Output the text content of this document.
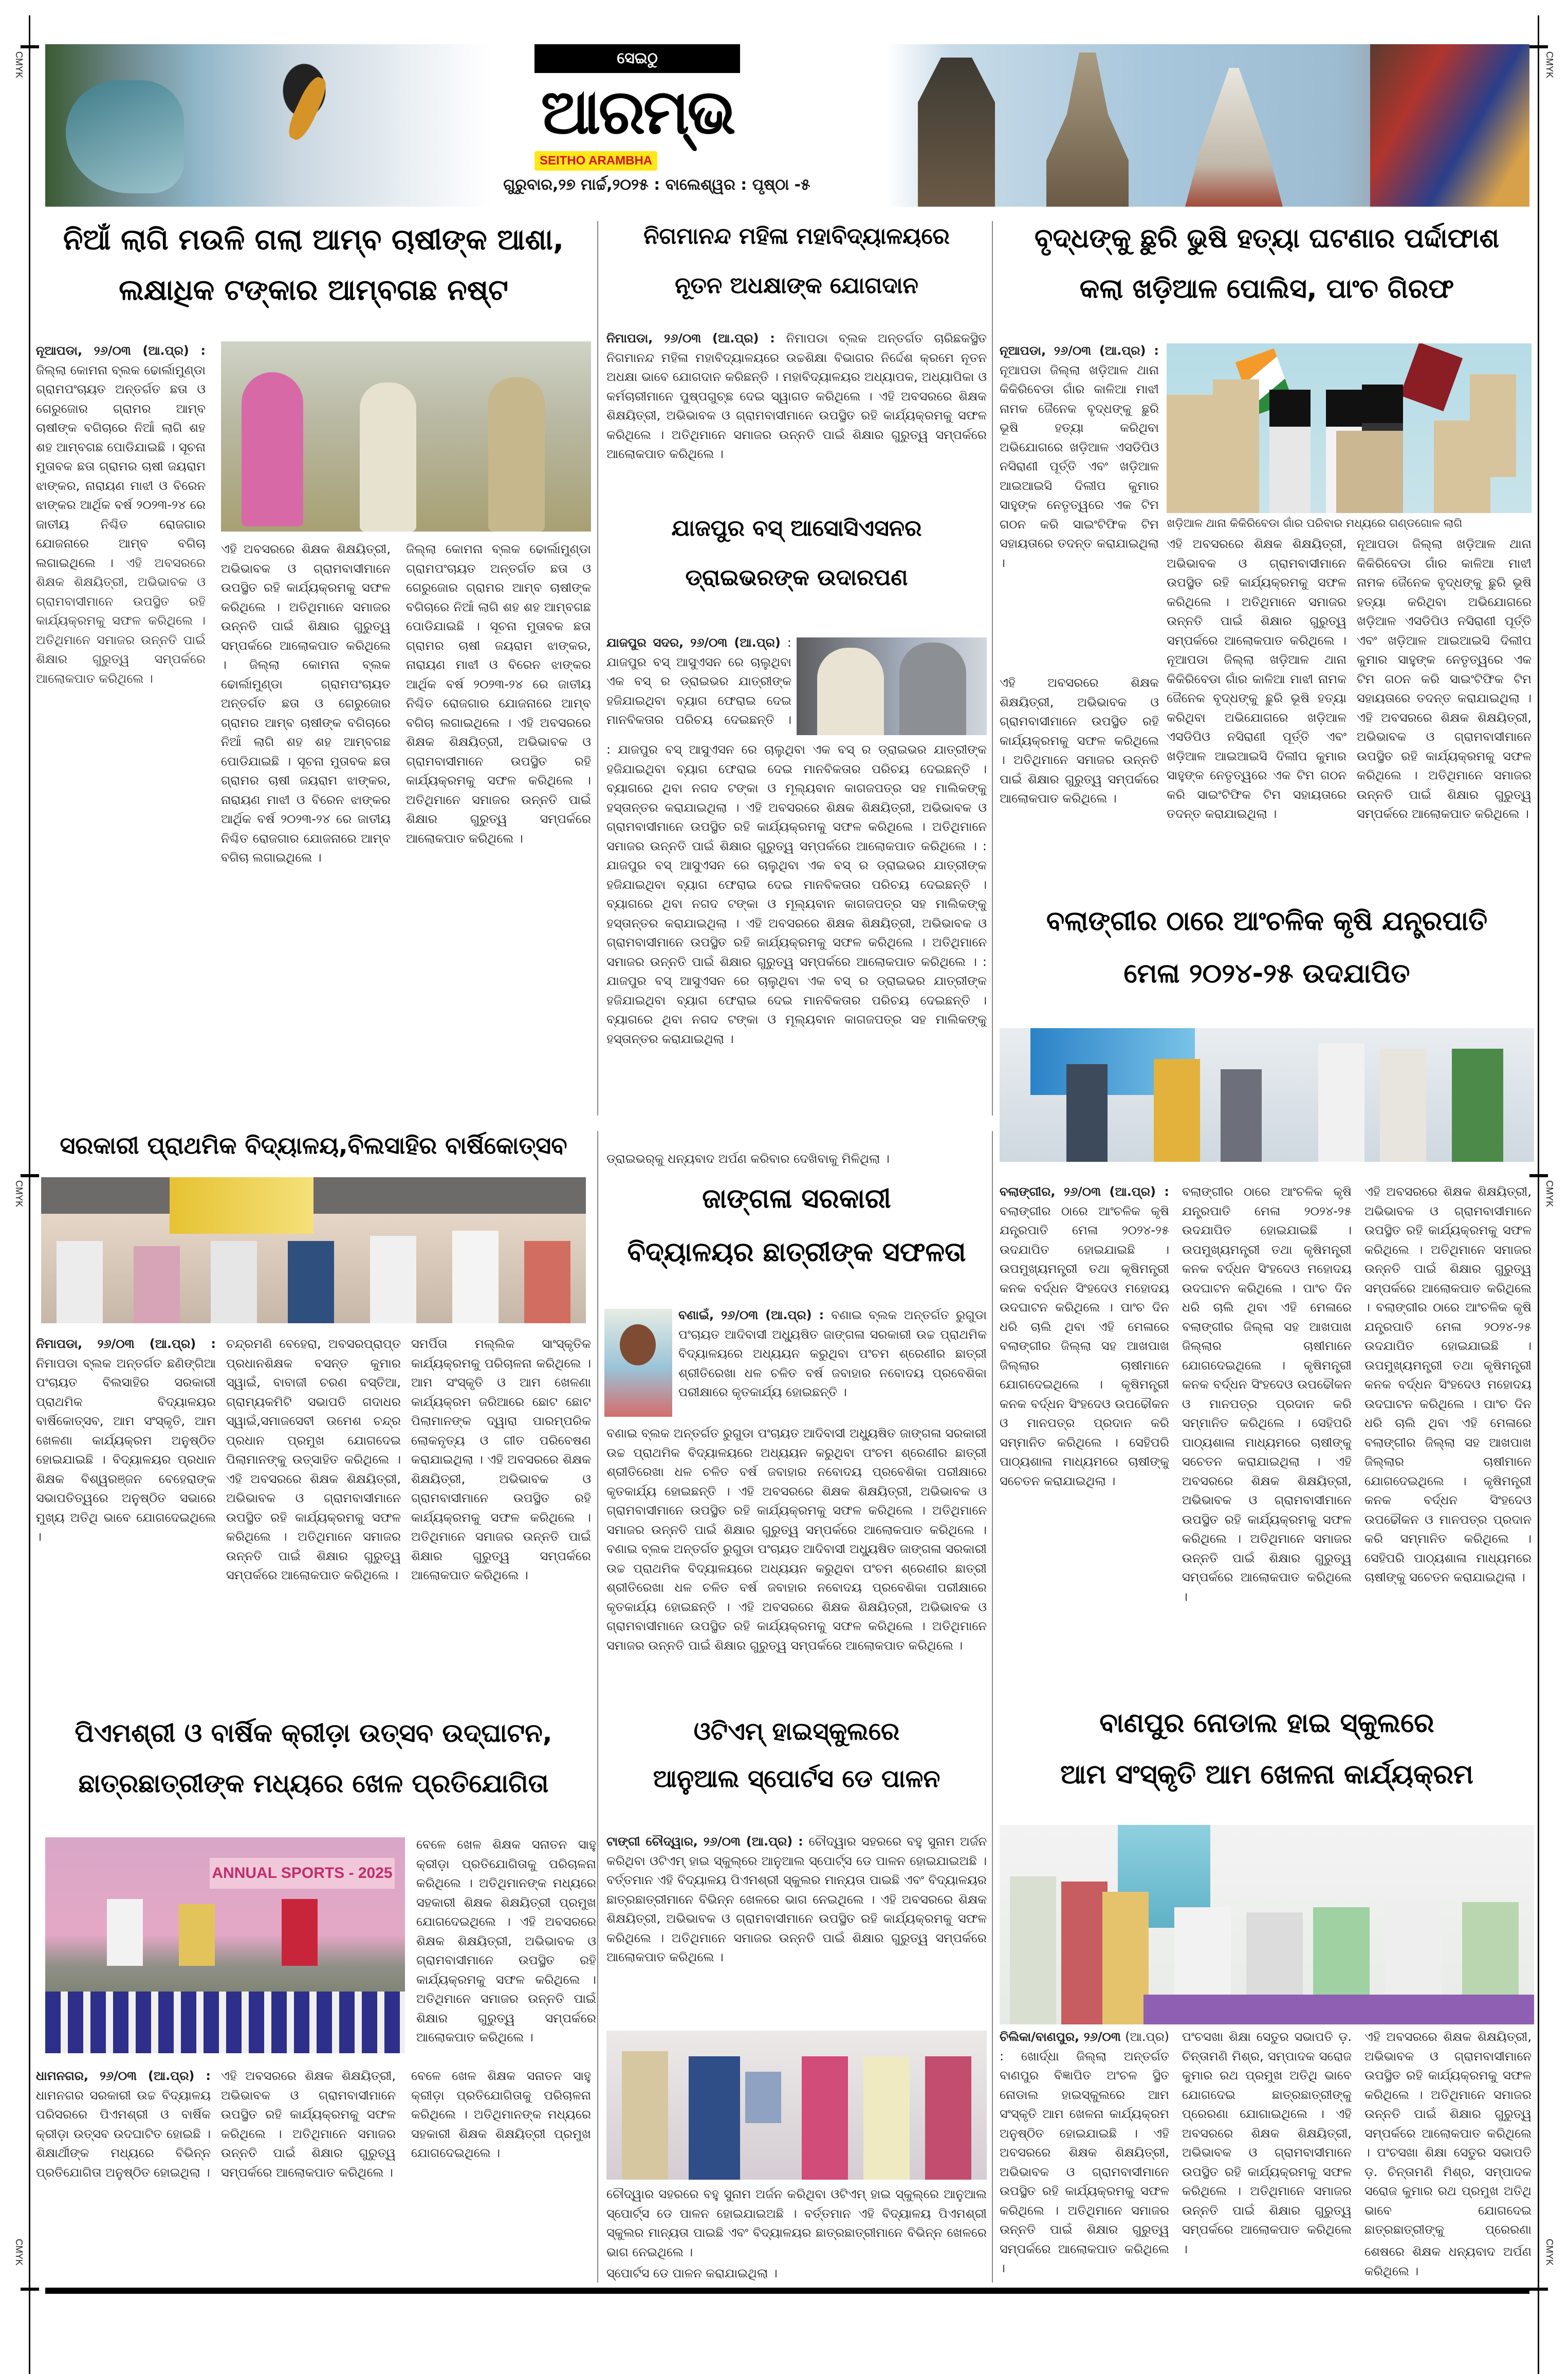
CMYK	CMYK
CMYK	CMYK
CMYK	CMYK
ସେଇଠୁ
ଆରମ୍ଭ
SEITHO ARAMBHA
ଗୁରୁବାର,୨୭ ମାର୍ଚ୍ଚ,୨୦୨୫ : ବାଲେଶ୍ୱର : ପୃଷ୍ଠା -୫
ନିଆଁ ଲାଗି ମଉଳି ଗଲା ଆମ୍ବ ଚାଷୀଙ୍କ ଆଶା,
ଲକ୍ଷାଧିକ ଟଙ୍କାର ଆମ୍ବଗଛ ନଷ୍ଟ
ନୂଆପଡା, ୨୬/୦୩ (ଆ.ପ୍ର) : ଜିଲ୍ଲା କୋମନା ବ୍ଲକ ଢୋର୍ଲାମୁଣ୍ଡା ଗ୍ରାମପଂଚାୟତ ଅନ୍ତର୍ଗତ ଛତା ଓ ଗେରୁଜୋର ଗ୍ରାମର ଆମ୍ବ ଚାଷୀଙ୍କ ବଗିଚାରେ ନିଆଁ ଲାଗି ଶହ ଶହ ଆମ୍ବଗଛ ପୋଡିଯାଇଛି । ସୂଚନା ମୁତାବକ ଛତା ଗ୍ରାମର ଚାଷୀ ଜୟରାମ ଝାଙ୍କର, ନାରାୟଣ ମାଝୀ ଓ ବିରେନ ଝାଙ୍କର ଆର୍ଥିକ ବର୍ଷ ୨୦୨୩-୨୪ ରେ ଜାତୀୟ ନିଶ୍ଚିତ ରୋଜଗାର ଯୋଜନାରେ ଆମ୍ବ ବଗିଚା ଲଗାଇଥିଲେ । ଏହି ଅବସରରେ ଶିକ୍ଷକ ଶିକ୍ଷୟିତ୍ରୀ, ଅଭିଭାବକ ଓ ଗ୍ରାମବାସୀମାନେ ଉପସ୍ଥିତ ରହି କାର୍ଯ୍ୟକ୍ରମକୁ ସଫଳ କରିଥିଲେ । ଅତିଥିମାନେ ସମାଜର ଉନ୍ନତି ପାଇଁ ଶିକ୍ଷାର ଗୁରୁତ୍ୱ ସମ୍ପର୍କରେ ଆଲୋକପାତ କରିଥିଲେ ।
ଏହି ଅବସରରେ ଶିକ୍ଷକ ଶିକ୍ଷୟିତ୍ରୀ, ଅଭିଭାବକ ଓ ଗ୍ରାମବାସୀମାନେ ଉପସ୍ଥିତ ରହି କାର୍ଯ୍ୟକ୍ରମକୁ ସଫଳ କରିଥିଲେ । ଅତିଥିମାନେ ସମାଜର ଉନ୍ନତି ପାଇଁ ଶିକ୍ଷାର ଗୁରୁତ୍ୱ ସମ୍ପର୍କରେ ଆଲୋକପାତ କରିଥିଲେ । ଜିଲ୍ଲା କୋମନା ବ୍ଲକ ଢୋର୍ଲାମୁଣ୍ଡା ଗ୍ରାମପଂଚାୟତ ଅନ୍ତର୍ଗତ ଛତା ଓ ଗେରୁଜୋର ଗ୍ରାମର ଆମ୍ବ ଚାଷୀଙ୍କ ବଗିଚାରେ ନିଆଁ ଲାଗି ଶହ ଶହ ଆମ୍ବଗଛ ପୋଡିଯାଇଛି । ସୂଚନା ମୁତାବକ ଛତା ଗ୍ରାମର ଚାଷୀ ଜୟରାମ ଝାଙ୍କର, ନାରାୟଣ ମାଝୀ ଓ ବିରେନ ଝାଙ୍କର ଆର୍ଥିକ ବର୍ଷ ୨୦୨୩-୨୪ ରେ ଜାତୀୟ ନିଶ୍ଚିତ ରୋଜଗାର ଯୋଜନାରେ ଆମ୍ବ ବଗିଚା ଲଗାଇଥିଲେ ।
ଜିଲ୍ଲା କୋମନା ବ୍ଲକ ଢୋର୍ଲାମୁଣ୍ଡା ଗ୍ରାମପଂଚାୟତ ଅନ୍ତର୍ଗତ ଛତା ଓ ଗେରୁଜୋର ଗ୍ରାମର ଆମ୍ବ ଚାଷୀଙ୍କ ବଗିଚାରେ ନିଆଁ ଲାଗି ଶହ ଶହ ଆମ୍ବଗଛ ପୋଡିଯାଇଛି । ସୂଚନା ମୁତାବକ ଛତା ଗ୍ରାମର ଚାଷୀ ଜୟରାମ ଝାଙ୍କର, ନାରାୟଣ ମାଝୀ ଓ ବିରେନ ଝାଙ୍କର ଆର୍ଥିକ ବର୍ଷ ୨୦୨୩-୨୪ ରେ ଜାତୀୟ ନିଶ୍ଚିତ ରୋଜଗାର ଯୋଜନାରେ ଆମ୍ବ ବଗିଚା ଲଗାଇଥିଲେ । ଏହି ଅବସରରେ ଶିକ୍ଷକ ଶିକ୍ଷୟିତ୍ରୀ, ଅଭିଭାବକ ଓ ଗ୍ରାମବାସୀମାନେ ଉପସ୍ଥିତ ରହି କାର୍ଯ୍ୟକ୍ରମକୁ ସଫଳ କରିଥିଲେ । ଅତିଥିମାନେ ସମାଜର ଉନ୍ନତି ପାଇଁ ଶିକ୍ଷାର ଗୁରୁତ୍ୱ ସମ୍ପର୍କରେ ଆଲୋକପାତ କରିଥିଲେ ।
ନିଗମାନନ୍ଦ ମହିଳା ମହାବିଦ୍ୟାଳୟରେ
ନୂତନ ଅଧକ୍ଷାଙ୍କ ଯୋଗଦାନ
ନିମାପଡା, ୨୬/୦୩ (ଆ.ପ୍ର) : ନିମାପଡା ବ୍ଲକ ଅନ୍ତର୍ଗତ ଚାରିଛକସ୍ଥିତ ନିଗମାନନ୍ଦ ମହିଳା ମହାବିଦ୍ୟାଳୟରେ ଉଚ୍ଚଶିକ୍ଷା ବିଭାଗର ନିର୍ଦ୍ଦେଶ କ୍ରମେ ନୂତନ ଅଧକ୍ଷା ଭାବେ ଯୋଗଦାନ କରିଛନ୍ତି । ମହାବିଦ୍ୟାଳୟର ଅଧ୍ୟାପକ, ଅଧ୍ୟାପିକା ଓ କର୍ମଚାରୀମାନେ ପୁଷ୍ପଗୁଚ୍ଛ ଦେଇ ସ୍ୱାଗତ କରିଥିଲେ । ଏହି ଅବସରରେ ଶିକ୍ଷକ ଶିକ୍ଷୟିତ୍ରୀ, ଅଭିଭାବକ ଓ ଗ୍ରାମବାସୀମାନେ ଉପସ୍ଥିତ ରହି କାର୍ଯ୍ୟକ୍ରମକୁ ସଫଳ କରିଥିଲେ । ଅତିଥିମାନେ ସମାଜର ଉନ୍ନତି ପାଇଁ ଶିକ୍ଷାର ଗୁରୁତ୍ୱ ସମ୍ପର୍କରେ ଆଲୋକପାତ କରିଥିଲେ ।
ଯାଜପୁର ବସ୍ ଆସୋସିଏସନର
ଡ୍ରାଇଭରଙ୍କ ଉଦାରପଣ
ଯାଜପୁର ସଦର, ୨୬/୦୩ (ଆ.ପ୍ର) : ଯାଜପୁର ବସ୍ ଆସୁଏସନ ରେ ଚାଲୁଥିବା ଏକ ବସ୍ ର ଡ୍ରାଇଭର ଯାତ୍ରୀଙ୍କ ହଜିଯାଇଥିବା ବ୍ୟାଗ ଫେରାଇ ଦେଇ ମାନବିକତାର ପରିଚୟ ଦେଇଛନ୍ତି ।
: ଯାଜପୁର ବସ୍ ଆସୁଏସନ ରେ ଚାଲୁଥିବା ଏକ ବସ୍ ର ଡ୍ରାଇଭର ଯାତ୍ରୀଙ୍କ ହଜିଯାଇଥିବା ବ୍ୟାଗ ଫେରାଇ ଦେଇ ମାନବିକତାର ପରିଚୟ ଦେଇଛନ୍ତି । ବ୍ୟାଗରେ ଥିବା ନଗଦ ଟଙ୍କା ଓ ମୂଲ୍ୟବାନ କାଗଜପତ୍ର ସହ ମାଲିକଙ୍କୁ ହସ୍ତାନ୍ତର କରାଯାଇଥିଲା । ଏହି ଅବସରରେ ଶିକ୍ଷକ ଶିକ୍ଷୟିତ୍ରୀ, ଅଭିଭାବକ ଓ ଗ୍ରାମବାସୀମାନେ ଉପସ୍ଥିତ ରହି କାର୍ଯ୍ୟକ୍ରମକୁ ସଫଳ କରିଥିଲେ । ଅତିଥିମାନେ ସମାଜର ଉନ୍ନତି ପାଇଁ ଶିକ୍ଷାର ଗୁରୁତ୍ୱ ସମ୍ପର୍କରେ ଆଲୋକପାତ କରିଥିଲେ । : ଯାଜପୁର ବସ୍ ଆସୁଏସନ ରେ ଚାଲୁଥିବା ଏକ ବସ୍ ର ଡ୍ରାଇଭର ଯାତ୍ରୀଙ୍କ ହଜିଯାଇଥିବା ବ୍ୟାଗ ଫେରାଇ ଦେଇ ମାନବିକତାର ପରିଚୟ ଦେଇଛନ୍ତି । ବ୍ୟାଗରେ ଥିବା ନଗଦ ଟଙ୍କା ଓ ମୂଲ୍ୟବାନ କାଗଜପତ୍ର ସହ ମାଲିକଙ୍କୁ ହସ୍ତାନ୍ତର କରାଯାଇଥିଲା । ଏହି ଅବସରରେ ଶିକ୍ଷକ ଶିକ୍ଷୟିତ୍ରୀ, ଅଭିଭାବକ ଓ ଗ୍ରାମବାସୀମାନେ ଉପସ୍ଥିତ ରହି କାର୍ଯ୍ୟକ୍ରମକୁ ସଫଳ କରିଥିଲେ । ଅତିଥିମାନେ ସମାଜର ଉନ୍ନତି ପାଇଁ ଶିକ୍ଷାର ଗୁରୁତ୍ୱ ସମ୍ପର୍କରେ ଆଲୋକପାତ କରିଥିଲେ । : ଯାଜପୁର ବସ୍ ଆସୁଏସନ ରେ ଚାଲୁଥିବା ଏକ ବସ୍ ର ଡ୍ରାଇଭର ଯାତ୍ରୀଙ୍କ ହଜିଯାଇଥିବା ବ୍ୟାଗ ଫେରାଇ ଦେଇ ମାନବିକତାର ପରିଚୟ ଦେଇଛନ୍ତି । ବ୍ୟାଗରେ ଥିବା ନଗଦ ଟଙ୍କା ଓ ମୂଲ୍ୟବାନ କାଗଜପତ୍ର ସହ ମାଲିକଙ୍କୁ ହସ୍ତାନ୍ତର କରାଯାଇଥିଲା ।
ଡ୍ରାଇଭର୍‌କୁ ଧନ୍ୟବାଦ ଅର୍ପଣ କରିବାର ଦେଖିବାକୁ ମିଳିଥିଲା ।
ବୃଦ୍ଧଙ୍କୁ ଛୁରି ଭୁଷି ହତ୍ୟା ଘଟଣାର ପର୍ଦ୍ଦାଫାଶ
କଲା ଖଡ଼ିଆଳ ପୋଲିସ, ପାଂଚ ଗିରଫ
ନୂଆପଡା, ୨୬/୦୩ (ଆ.ପ୍ର) : ନୂଆପଡା ଜିଲ୍ଲା ଖଡ଼ିଆଳ ଥାନା କିକିରିବେଡା ଗାଁର କାଳିଆ ମାଝୀ ନାମକ ଜୈନେକ ବୃଦ୍ଧଙ୍କୁ ଛୁରି ଭୂଷି ହତ୍ୟା କରିଥିବା ଅଭିଯୋଗରେ ଖଡ଼ିଆଳ ଏସଡିପିଓ ନସିରାଣୀ ପୂର୍ତ୍ତି ଏବଂ ଖଡ଼ିଆଳ ଆଇଆଇସି ଦିଲୀପ କୁମାର ସାହୁଙ୍କ ନେତୃତ୍ୱରେ ଏକ ଟିମ ଗଠନ କରି ସାଇଂଟିଫିକ ଟିମ ସହାୟତାରେ ତଦନ୍ତ କରାଯାଇଥିଲା ।
ଖଡ଼ିଆଳ ଥାନା କିକିରିବେଡା ଗାଁର ପରିବାର ମଧ୍ୟରେ ଗଣ୍ଡଗୋଳ ଲାଗି
ଏହି ଅବସରରେ ଶିକ୍ଷକ ଶିକ୍ଷୟିତ୍ରୀ, ଅଭିଭାବକ ଓ ଗ୍ରାମବାସୀମାନେ ଉପସ୍ଥିତ ରହି କାର୍ଯ୍ୟକ୍ରମକୁ ସଫଳ କରିଥିଲେ । ଅତିଥିମାନେ ସମାଜର ଉନ୍ନତି ପାଇଁ ଶିକ୍ଷାର ଗୁରୁତ୍ୱ ସମ୍ପର୍କରେ ଆଲୋକପାତ କରିଥିଲେ । ନୂଆପଡା ଜିଲ୍ଲା ଖଡ଼ିଆଳ ଥାନା କିକିରିବେଡା ଗାଁର କାଳିଆ ମାଝୀ ନାମକ ଜୈନେକ ବୃଦ୍ଧଙ୍କୁ ଛୁରି ଭୂଷି ହତ୍ୟା କରିଥିବା ଅଭିଯୋଗରେ ଖଡ଼ିଆଳ ଏସଡିପିଓ ନସିରାଣୀ ପୂର୍ତ୍ତି ଏବଂ ଖଡ଼ିଆଳ ଆଇଆଇସି ଦିଲୀପ କୁମାର ସାହୁଙ୍କ ନେତୃତ୍ୱରେ ଏକ ଟିମ ଗଠନ କରି ସାଇଂଟିଫିକ ଟିମ ସହାୟତାରେ ତଦନ୍ତ କରାଯାଇଥିଲା ।
ନୂଆପଡା ଜିଲ୍ଲା ଖଡ଼ିଆଳ ଥାନା କିକିରିବେଡା ଗାଁର କାଳିଆ ମାଝୀ ନାମକ ଜୈନେକ ବୃଦ୍ଧଙ୍କୁ ଛୁରି ଭୂଷି ହତ୍ୟା କରିଥିବା ଅଭିଯୋଗରେ ଖଡ଼ିଆଳ ଏସଡିପିଓ ନସିରାଣୀ ପୂର୍ତ୍ତି ଏବଂ ଖଡ଼ିଆଳ ଆଇଆଇସି ଦିଲୀପ କୁମାର ସାହୁଙ୍କ ନେତୃତ୍ୱରେ ଏକ ଟିମ ଗଠନ କରି ସାଇଂଟିଫିକ ଟିମ ସହାୟତାରେ ତଦନ୍ତ କରାଯାଇଥିଲା । ଏହି ଅବସରରେ ଶିକ୍ଷକ ଶିକ୍ଷୟିତ୍ରୀ, ଅଭିଭାବକ ଓ ଗ୍ରାମବାସୀମାନେ ଉପସ୍ଥିତ ରହି କାର୍ଯ୍ୟକ୍ରମକୁ ସଫଳ କରିଥିଲେ । ଅତିଥିମାନେ ସମାଜର ଉନ୍ନତି ପାଇଁ ଶିକ୍ଷାର ଗୁରୁତ୍ୱ ସମ୍ପର୍କରେ ଆଲୋକପାତ କରିଥିଲେ ।
ଏହି ଅବସରରେ ଶିକ୍ଷକ ଶିକ୍ଷୟିତ୍ରୀ, ଅଭିଭାବକ ଓ ଗ୍ରାମବାସୀମାନେ ଉପସ୍ଥିତ ରହି କାର୍ଯ୍ୟକ୍ରମକୁ ସଫଳ କରିଥିଲେ । ଅତିଥିମାନେ ସମାଜର ଉନ୍ନତି ପାଇଁ ଶିକ୍ଷାର ଗୁରୁତ୍ୱ ସମ୍ପର୍କରେ ଆଲୋକପାତ କରିଥିଲେ ।
ବଲାଙ୍ଗୀର ଠାରେ ଆଂଚଳିକ କୃଷି ଯନ୍ତ୍ରପାତି
ମେଳା ୨୦୨୪-୨୫ ଉଦଯାପିତ
ବଲାଙ୍ଗୀର, ୨୬/୦୩ (ଆ.ପ୍ର) : ବଲାଙ୍ଗୀର ଠାରେ ଆଂଚଳିକ କୃଷି ଯନ୍ତ୍ରପାତି ମେଳା ୨୦୨୪-୨୫ ଉଦଯାପିତ ହୋଇଯାଇଛି । ଉପମୁଖ୍ୟମନ୍ତ୍ରୀ ତଥା କୃଷିମନ୍ତ୍ରୀ କନକ ବର୍ଦ୍ଧନ ସିଂହଦେଓ ମହୋଦୟ ଉଦଘାଟନ କରିଥିଲେ । ପାଂଚ ଦିନ ଧରି ଚାଲି ଥିବା ଏହି ମେଳାରେ ବଲାଙ୍ଗୀର ଜିଲ୍ଲା ସହ ଆଖପାଖ ଜିଲ୍ଲାର ଚାଷୀମାନେ ଯୋଗଦେଇଥିଲେ । କୃଷିମନ୍ତ୍ରୀ କନକ ବର୍ଦ୍ଧନ ସିଂହଦେଓ ଉପଢୌକନ ଓ ମାନପତ୍ର ପ୍ରଦାନ କରି ସମ୍ମାନିତ କରିଥିଲେ । ସେହିପରି ପାଠ୍ୟଶାଳା ମାଧ୍ୟମରେ ଚାଷୀଙ୍କୁ ସଚେତନ କରାଯାଇଥିଲା ।
ବଲାଙ୍ଗୀର ଠାରେ ଆଂଚଳିକ କୃଷି ଯନ୍ତ୍ରପାତି ମେଳା ୨୦୨୪-୨୫ ଉଦଯାପିତ ହୋଇଯାଇଛି । ଉପମୁଖ୍ୟମନ୍ତ୍ରୀ ତଥା କୃଷିମନ୍ତ୍ରୀ କନକ ବର୍ଦ୍ଧନ ସିଂହଦେଓ ମହୋଦୟ ଉଦଘାଟନ କରିଥିଲେ । ପାଂଚ ଦିନ ଧରି ଚାଲି ଥିବା ଏହି ମେଳାରେ ବଲାଙ୍ଗୀର ଜିଲ୍ଲା ସହ ଆଖପାଖ ଜିଲ୍ଲାର ଚାଷୀମାନେ ଯୋଗଦେଇଥିଲେ । କୃଷିମନ୍ତ୍ରୀ କନକ ବର୍ଦ୍ଧନ ସିଂହଦେଓ ଉପଢୌକନ ଓ ମାନପତ୍ର ପ୍ରଦାନ କରି ସମ୍ମାନିତ କରିଥିଲେ । ସେହିପରି ପାଠ୍ୟଶାଳା ମାଧ୍ୟମରେ ଚାଷୀଙ୍କୁ ସଚେତନ କରାଯାଇଥିଲା । ଏହି ଅବସରରେ ଶିକ୍ଷକ ଶିକ୍ଷୟିତ୍ରୀ, ଅଭିଭାବକ ଓ ଗ୍ରାମବାସୀମାନେ ଉପସ୍ଥିତ ରହି କାର୍ଯ୍ୟକ୍ରମକୁ ସଫଳ କରିଥିଲେ । ଅତିଥିମାନେ ସମାଜର ଉନ୍ନତି ପାଇଁ ଶିକ୍ଷାର ଗୁରୁତ୍ୱ ସମ୍ପର୍କରେ ଆଲୋକପାତ କରିଥିଲେ ।
ଏହି ଅବସରରେ ଶିକ୍ଷକ ଶିକ୍ଷୟିତ୍ରୀ, ଅଭିଭାବକ ଓ ଗ୍ରାମବାସୀମାନେ ଉପସ୍ଥିତ ରହି କାର୍ଯ୍ୟକ୍ରମକୁ ସଫଳ କରିଥିଲେ । ଅତିଥିମାନେ ସମାଜର ଉନ୍ନତି ପାଇଁ ଶିକ୍ଷାର ଗୁରୁତ୍ୱ ସମ୍ପର୍କରେ ଆଲୋକପାତ କରିଥିଲେ । ବଲାଙ୍ଗୀର ଠାରେ ଆଂଚଳିକ କୃଷି ଯନ୍ତ୍ରପାତି ମେଳା ୨୦୨୪-୨୫ ଉଦଯାପିତ ହୋଇଯାଇଛି । ଉପମୁଖ୍ୟମନ୍ତ୍ରୀ ତଥା କୃଷିମନ୍ତ୍ରୀ କନକ ବର୍ଦ୍ଧନ ସିଂହଦେଓ ମହୋଦୟ ଉଦଘାଟନ କରିଥିଲେ । ପାଂଚ ଦିନ ଧରି ଚାଲି ଥିବା ଏହି ମେଳାରେ ବଲାଙ୍ଗୀର ଜିଲ୍ଲା ସହ ଆଖପାଖ ଜିଲ୍ଲାର ଚାଷୀମାନେ ଯୋଗଦେଇଥିଲେ । କୃଷିମନ୍ତ୍ରୀ କନକ ବର୍ଦ୍ଧନ ସିଂହଦେଓ ଉପଢୌକନ ଓ ମାନପତ୍ର ପ୍ରଦାନ କରି ସମ୍ମାନିତ କରିଥିଲେ । ସେହିପରି ପାଠ୍ୟଶାଳା ମାଧ୍ୟମରେ ଚାଷୀଙ୍କୁ ସଚେତନ କରାଯାଇଥିଲା ।
ସରକାରୀ ପ୍ରାଥମିକ ବିଦ୍ୟାଳୟ,ବିଲସାହିର ବାର୍ଷିକୋତ୍ସବ
ନିମାପଡା, ୨୬/୦୩ (ଆ.ପ୍ର) : ନିମାପଡା ବ୍ଲକ ଅନ୍ତର୍ଗତ ଛଣିଙ୍ଗିଆ ପଂଚାୟତ ବିଲସାହିର ସରକାରୀ ପ୍ରାଥମିକ ବିଦ୍ୟାଳୟର ବାର୍ଷିକୋତ୍ସବ, ଆମ ସଂସ୍କୃତି, ଆମ ଖେଳଣା କାର୍ଯ୍ୟକ୍ରମ ଅନୁଷ୍ଠିତ ହୋଇଯାଇଛି । ବିଦ୍ୟାଳୟର ପ୍ରଧାନ ଶିକ୍ଷକ ବିଶ୍ୱରଞ୍ଜନ ବେହେରାଙ୍କ ସଭାପତିତ୍ୱରେ ଅନୁଷ୍ଠିତ ସଭାରେ ମୁଖ୍ୟ ଅତିଥି ଭାବେ ଯୋଗଦେଇଥିଲେ ।
ଚନ୍ଦ୍ରମଣି ବେହେରା, ଅବସରପ୍ରାପ୍ତ ପ୍ରଧାନଶିକ୍ଷକ ବସନ୍ତ କୁମାର ସ୍ୱାଇଁ, ବାବାଜୀ ଚରଣ ବସ୍ତିଆ, ଗ୍ରାମ୍ୟକମିଟି ସଭାପତି ଗଦାଧର ସ୍ୱାଇଁ,ସମାଜସେବୀ ଉମେଶ ଚନ୍ଦ୍ର ପ୍ରଧାନ ପ୍ରମୁଖ ଯୋଗଦେଇ ପିଲାମାନଙ୍କୁ ଉତ୍ସାହିତ କରିଥିଲେ । ଏହି ଅବସରରେ ଶିକ୍ଷକ ଶିକ୍ଷୟିତ୍ରୀ, ଅଭିଭାବକ ଓ ଗ୍ରାମବାସୀମାନେ ଉପସ୍ଥିତ ରହି କାର୍ଯ୍ୟକ୍ରମକୁ ସଫଳ କରିଥିଲେ । ଅତିଥିମାନେ ସମାଜର ଉନ୍ନତି ପାଇଁ ଶିକ୍ଷାର ଗୁରୁତ୍ୱ ସମ୍ପର୍କରେ ଆଲୋକପାତ କରିଥିଲେ ।
ସମର୍ପିତା ମଲ୍ଲିକ ସାଂସ୍କୃତିକ କାର୍ଯ୍ୟକ୍ରମକୁ ପରିଚାଳନା କରିଥିଲେ । ଆମ ସଂସ୍କୃତି ଓ ଆମ ଖେଳଣା କାର୍ଯ୍ୟକ୍ରମ ଜରିଆରେ ଛୋଟ ଛୋଟ ପିଲାମାନଙ୍କ ଦ୍ୱାରା ପାରମ୍ପରିକ ଲୋକନୃତ୍ୟ ଓ ଗୀତ ପରିବେଷଣ କରାଯାଇଥିଲା । ଏହି ଅବସରରେ ଶିକ୍ଷକ ଶିକ୍ଷୟିତ୍ରୀ, ଅଭିଭାବକ ଓ ଗ୍ରାମବାସୀମାନେ ଉପସ୍ଥିତ ରହି କାର୍ଯ୍ୟକ୍ରମକୁ ସଫଳ କରିଥିଲେ । ଅତିଥିମାନେ ସମାଜର ଉନ୍ନତି ପାଇଁ ଶିକ୍ଷାର ଗୁରୁତ୍ୱ ସମ୍ପର୍କରେ ଆଲୋକପାତ କରିଥିଲେ ।
ଜାଙ୍ଗଳା ସରକାରୀ
ବିଦ୍ୟାଳୟର ଛାତ୍ରୀଙ୍କ ସଫଳତା
ବଣାଇଁ, ୨୬/୦୩ (ଆ.ପ୍ର) : ବଣାଇ ବ୍ଲକ ଅନ୍ତର୍ଗତ ରୁଗୁଡା ପଂଚାୟତ ଆଦିବାସୀ ଅଧ୍ୟୁଷିତ ଜାଙ୍ଗଳା ସରକାରୀ ଉଚ୍ଚ ପ୍ରାଥମିକ ବିଦ୍ୟାଳୟରେ ଅଧ୍ୟୟନ କରୁଥିବା ପଂଚମ ଶ୍ରେଣୀର ଛାତ୍ରୀ ଶ୍ରୀତିରେଖା ଧଳ ଚଳିତ ବର୍ଷ ଜବାହାର ନବୋଦୟ ପ୍ରବେଶିକା ପରୀକ୍ଷାରେ କୃତକାର୍ଯ୍ୟ ହୋଇଛନ୍ତି ।
ବଣାଇ ବ୍ଲକ ଅନ୍ତର୍ଗତ ରୁଗୁଡା ପଂଚାୟତ ଆଦିବାସୀ ଅଧ୍ୟୁଷିତ ଜାଙ୍ଗଳା ସରକାରୀ ଉଚ୍ଚ ପ୍ରାଥମିକ ବିଦ୍ୟାଳୟରେ ଅଧ୍ୟୟନ କରୁଥିବା ପଂଚମ ଶ୍ରେଣୀର ଛାତ୍ରୀ ଶ୍ରୀତିରେଖା ଧଳ ଚଳିତ ବର୍ଷ ଜବାହାର ନବୋଦୟ ପ୍ରବେଶିକା ପରୀକ୍ଷାରେ କୃତକାର୍ଯ୍ୟ ହୋଇଛନ୍ତି । ଏହି ଅବସରରେ ଶିକ୍ଷକ ଶିକ୍ଷୟିତ୍ରୀ, ଅଭିଭାବକ ଓ ଗ୍ରାମବାସୀମାନେ ଉପସ୍ଥିତ ରହି କାର୍ଯ୍ୟକ୍ରମକୁ ସଫଳ କରିଥିଲେ । ଅତିଥିମାନେ ସମାଜର ଉନ୍ନତି ପାଇଁ ଶିକ୍ଷାର ଗୁରୁତ୍ୱ ସମ୍ପର୍କରେ ଆଲୋକପାତ କରିଥିଲେ । ବଣାଇ ବ୍ଲକ ଅନ୍ତର୍ଗତ ରୁଗୁଡା ପଂଚାୟତ ଆଦିବାସୀ ଅଧ୍ୟୁଷିତ ଜାଙ୍ଗଳା ସରକାରୀ ଉଚ୍ଚ ପ୍ରାଥମିକ ବିଦ୍ୟାଳୟରେ ଅଧ୍ୟୟନ କରୁଥିବା ପଂଚମ ଶ୍ରେଣୀର ଛାତ୍ରୀ ଶ୍ରୀତିରେଖା ଧଳ ଚଳିତ ବର୍ଷ ଜବାହାର ନବୋଦୟ ପ୍ରବେଶିକା ପରୀକ୍ଷାରେ କୃତକାର୍ଯ୍ୟ ହୋଇଛନ୍ତି । ଏହି ଅବସରରେ ଶିକ୍ଷକ ଶିକ୍ଷୟିତ୍ରୀ, ଅଭିଭାବକ ଓ ଗ୍ରାମବାସୀମାନେ ଉପସ୍ଥିତ ରହି କାର୍ଯ୍ୟକ୍ରମକୁ ସଫଳ କରିଥିଲେ । ଅତିଥିମାନେ ସମାଜର ଉନ୍ନତି ପାଇଁ ଶିକ୍ଷାର ଗୁରୁତ୍ୱ ସମ୍ପର୍କରେ ଆଲୋକପାତ କରିଥିଲେ ।
ପିଏମଶ୍ରୀ ଓ ବାର୍ଷିକ କ୍ରୀଡ଼ା ଉତ୍ସବ ଉଦ୍‌ଘାଟନ,
ଛାତ୍ରଛାତ୍ରୀଙ୍କ ମଧ୍ୟରେ ଖେଳ ପ୍ରତିଯୋଗିତା
ANNUAL SPORTS - 2025
ବେଳେ ଖେଳ ଶିକ୍ଷକ ସନାତନ ସାହୁ କ୍ରୀଡ଼ା ପ୍ରତିଯୋଗିତାକୁ ପରିଚାଳନା କରିଥିଲେ । ଅତିଥିମାନଙ୍କ ମଧ୍ୟରେ ସହକାରୀ ଶିକ୍ଷକ ଶିକ୍ଷୟିତ୍ରୀ ପ୍ରମୁଖ ଯୋଗଦେଇଥିଲେ । ଏହି ଅବସରରେ ଶିକ୍ଷକ ଶିକ୍ଷୟିତ୍ରୀ, ଅଭିଭାବକ ଓ ଗ୍ରାମବାସୀମାନେ ଉପସ୍ଥିତ ରହି କାର୍ଯ୍ୟକ୍ରମକୁ ସଫଳ କରିଥିଲେ । ଅତିଥିମାନେ ସମାଜର ଉନ୍ନତି ପାଇଁ ଶିକ୍ଷାର ଗୁରୁତ୍ୱ ସମ୍ପର୍କରେ ଆଲୋକପାତ କରିଥିଲେ ।
ଧାମନଗର, ୨୬/୦୩ (ଆ.ପ୍ର) : ଧାମନଗର ସରକାରୀ ଉଚ୍ଚ ବିଦ୍ୟାଳୟ ପରିସରରେ ପିଏମଶ୍ରୀ ଓ ବାର୍ଷିକ କ୍ରୀଡ଼ା ଉତ୍ସବ ଉଦଘାଟିତ ହୋଇଛି । ଶିକ୍ଷାର୍ଥୀଙ୍କ ମଧ୍ୟରେ ବିଭିନ୍ନ ପ୍ରତିଯୋଗିତା ଅନୁଷ୍ଠିତ ହୋଇଥିଲା ।
ଏହି ଅବସରରେ ଶିକ୍ଷକ ଶିକ୍ଷୟିତ୍ରୀ, ଅଭିଭାବକ ଓ ଗ୍ରାମବାସୀମାନେ ଉପସ୍ଥିତ ରହି କାର୍ଯ୍ୟକ୍ରମକୁ ସଫଳ କରିଥିଲେ । ଅତିଥିମାନେ ସମାଜର ଉନ୍ନତି ପାଇଁ ଶିକ୍ଷାର ଗୁରୁତ୍ୱ ସମ୍ପର୍କରେ ଆଲୋକପାତ କରିଥିଲେ ।
ବେଳେ ଖେଳ ଶିକ୍ଷକ ସନାତନ ସାହୁ କ୍ରୀଡ଼ା ପ୍ରତିଯୋଗିତାକୁ ପରିଚାଳନା କରିଥିଲେ । ଅତିଥିମାନଙ୍କ ମଧ୍ୟରେ ସହକାରୀ ଶିକ୍ଷକ ଶିକ୍ଷୟିତ୍ରୀ ପ୍ରମୁଖ ଯୋଗଦେଇଥିଲେ ।
ଓଟିଏମ୍ ହାଇସ୍କୁଲରେ
ଆନୁଆଲ ସ୍ପୋର୍ଟସ ଡେ ପାଳନ
ଟାଙ୍ଗୀ ଚୌଦ୍ୱାର, ୨୬/୦୩ (ଆ.ପ୍ର) : ଚୌଦ୍ୱାର ସହରରେ ବହୁ ସୁନାମ ଅର୍ଜନ କରିଥିବା ଓଟିଏମ୍ ହାଇ ସ୍କୁଲ୍‌ରେ ଆନୁଆଲ ସ୍ପୋର୍ଟ୍ସ ଡେ ପାଳନ ହୋଇଯାଇଅଛି । ବର୍ତ୍ତମାନ ଏହି ବିଦ୍ୟାଳୟ ପିଏମଶ୍ରୀ ସ୍କୁଲର ମାନ୍ୟତା ପାଇଛି ଏବଂ ବିଦ୍ୟାଳୟର ଛାତ୍ରଛାତ୍ରୀମାନେ ବିଭିନ୍ନ ଖେଳରେ ଭାଗ ନେଇଥିଲେ । ଏହି ଅବସରରେ ଶିକ୍ଷକ ଶିକ୍ଷୟିତ୍ରୀ, ଅଭିଭାବକ ଓ ଗ୍ରାମବାସୀମାନେ ଉପସ୍ଥିତ ରହି କାର୍ଯ୍ୟକ୍ରମକୁ ସଫଳ କରିଥିଲେ । ଅତିଥିମାନେ ସମାଜର ଉନ୍ନତି ପାଇଁ ଶିକ୍ଷାର ଗୁରୁତ୍ୱ ସମ୍ପର୍କରେ ଆଲୋକପାତ କରିଥିଲେ ।
ଚୌଦ୍ୱାର ସହରରେ ବହୁ ସୁନାମ ଅର୍ଜନ କରିଥିବା ଓଟିଏମ୍ ହାଇ ସ୍କୁଲ୍‌ରେ ଆନୁଆଲ ସ୍ପୋର୍ଟ୍ସ ଡେ ପାଳନ ହୋଇଯାଇଅଛି । ବର୍ତ୍ତମାନ ଏହି ବିଦ୍ୟାଳୟ ପିଏମଶ୍ରୀ ସ୍କୁଲର ମାନ୍ୟତା ପାଇଛି ଏବଂ ବିଦ୍ୟାଳୟର ଛାତ୍ରଛାତ୍ରୀମାନେ ବିଭିନ୍ନ ଖେଳରେ ଭାଗ ନେଇଥିଲେ ।
ସ୍ପୋର୍ଟସ ଡେ ପାଳନ କରାଯାଇଥିଲା ।
ବାଣପୁର ନୋଡାଲ ହାଇ ସ୍କୁଲରେ
ଆମ ସଂସ୍କୃତି ଆମ ଖେଳନା କାର୍ଯ୍ୟକ୍ରମ
ଚିଲିକା/ବାଣପୁର, ୨୬/୦୩ (ଆ.ପ୍ର) : ଖୋର୍ଦ୍ଧା ଜିଲ୍ଲା ଅନ୍ତର୍ଗତ ବାଣପୁର ବିଜ୍ଞାପିତ ଅଂଚଳ ସ୍ଥିତ ନୋଡାଲ ହାଇସ୍କୁଲରେ ଆମ ସଂସ୍କୃତି ଆମ ଖେଳନା କାର୍ଯ୍ୟକ୍ରମ ଅନୁଷ୍ଠିତ ହୋଇଯାଇଛି । ଏହି ଅବସରରେ ଶିକ୍ଷକ ଶିକ୍ଷୟିତ୍ରୀ, ଅଭିଭାବକ ଓ ଗ୍ରାମବାସୀମାନେ ଉପସ୍ଥିତ ରହି କାର୍ଯ୍ୟକ୍ରମକୁ ସଫଳ କରିଥିଲେ । ଅତିଥିମାନେ ସମାଜର ଉନ୍ନତି ପାଇଁ ଶିକ୍ଷାର ଗୁରୁତ୍ୱ ସମ୍ପର୍କରେ ଆଲୋକପାତ କରିଥିଲେ ।
ପଂଚସଖା ଶିକ୍ଷା ସେତୁର ସଭାପତି ଡ଼. ଚିନ୍ତାମଣି ମିଶ୍ର, ସମ୍ପାଦକ ସରୋଜ କୁମାର ରଥ ପ୍ରମୁଖ ଅତିଥି ଭାବେ ଯୋଗଦେଇ ଛାତ୍ରଛାତ୍ରୀଙ୍କୁ ପ୍ରେରଣା ଯୋଗାଇଥିଲେ । ଏହି ଅବସରରେ ଶିକ୍ଷକ ଶିକ୍ଷୟିତ୍ରୀ, ଅଭିଭାବକ ଓ ଗ୍ରାମବାସୀମାନେ ଉପସ୍ଥିତ ରହି କାର୍ଯ୍ୟକ୍ରମକୁ ସଫଳ କରିଥିଲେ । ଅତିଥିମାନେ ସମାଜର ଉନ୍ନତି ପାଇଁ ଶିକ୍ଷାର ଗୁରୁତ୍ୱ ସମ୍ପର୍କରେ ଆଲୋକପାତ କରିଥିଲେ ।
ଏହି ଅବସରରେ ଶିକ୍ଷକ ଶିକ୍ଷୟିତ୍ରୀ, ଅଭିଭାବକ ଓ ଗ୍ରାମବାସୀମାନେ ଉପସ୍ଥିତ ରହି କାର୍ଯ୍ୟକ୍ରମକୁ ସଫଳ କରିଥିଲେ । ଅତିଥିମାନେ ସମାଜର ଉନ୍ନତି ପାଇଁ ଶିକ୍ଷାର ଗୁରୁତ୍ୱ ସମ୍ପର୍କରେ ଆଲୋକପାତ କରିଥିଲେ । ପଂଚସଖା ଶିକ୍ଷା ସେତୁର ସଭାପତି ଡ଼. ଚିନ୍ତାମଣି ମିଶ୍ର, ସମ୍ପାଦକ ସରୋଜ କୁମାର ରଥ ପ୍ରମୁଖ ଅତିଥି ଭାବେ ଯୋଗଦେଇ ଛାତ୍ରଛାତ୍ରୀଙ୍କୁ ପ୍ରେରଣା
ଶେଷରେ ଶିକ୍ଷକ ଧନ୍ୟବାଦ ଅର୍ପଣ କରିଥିଲେ ।
